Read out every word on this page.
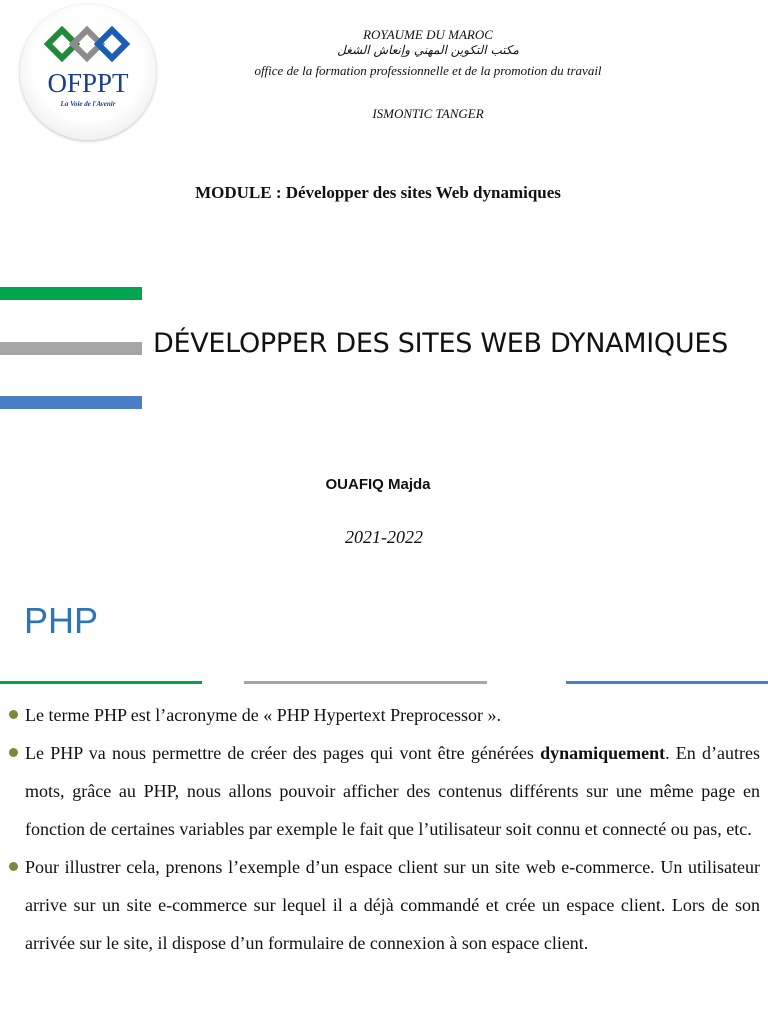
OFPPT
La Voie de l'Avenir
ROYAUME DU MAROC
مكتب التكوين المهني وإنعاش الشغل
office de la formation professionnelle et de la promotion du travail
ISMONTIC TANGER
MODULE : Développer des sites Web dynamiques
DÉVELOPPER DES SITES WEB DYNAMIQUES
OUAFIQ Majda
2021-2022
PHP
Le terme PHP est l’acronyme de « PHP Hypertext Preprocessor ».
Le PHP va nous permettre de créer des pages qui vont être générées dynamiquement. En d’autres mots, grâce au PHP, nous allons pouvoir afficher des contenus différents sur une même page en fonction de certaines variables par exemple le fait que l’utilisateur soit connu et connecté ou pas, etc.
Pour illustrer cela, prenons l’exemple d’un espace client sur un site web e-commerce. Un utilisateur arrive sur un site e-commerce sur lequel il a déjà commandé et crée un espace client. Lors de son arrivée sur le site, il dispose d’un formulaire de connexion à son espace client.
